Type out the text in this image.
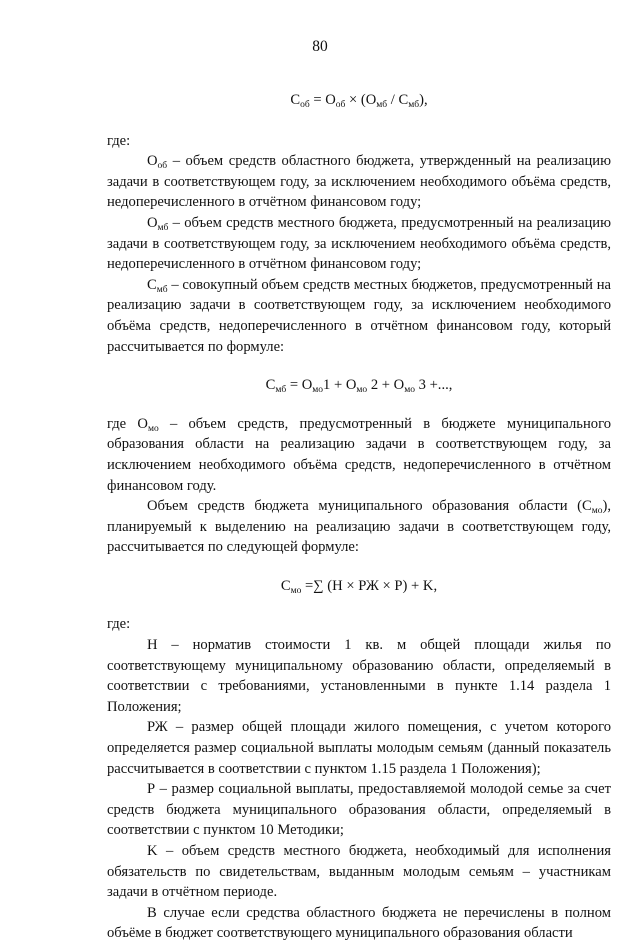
80

$С_{об} = О_{об} \times (О_{мб} / С_{мб})$,

где:

$О_{об}$ – объем средств областного бюджета, утвержденный на реализацию задачи в соответствующем году, за исключением необходимого объёма средств, недоперечисленного в отчётном финансовом году;

$О_{мб}$ – объем средств местного бюджета, предусмотренный на реализацию задачи в соответствующем году, за исключением необходимого объёма средств, недоперечисленного в отчётном финансовом году;

$С_{мб}$ – совокупный объем средств местных бюджетов, предусмотренный на реализацию задачи в соответствующем году, за исключением необходимого объёма средств, недоперечисленного в отчётном финансовом году, который рассчитывается по формуле:

$С_{мб} = О_{мо}1 + О_{мо}$ $2 + О_{мо}$ 3 +...,

где $О_{мо}$ – объем средств, предусмотренный в бюджете муниципального образования области на реализацию задачи в соответствующем году, за исключением необходимого объёма средств, недоперечисленного в отчётном финансовом году.

Объем средств бюджета муниципального образования области $(С_{мо})$, планируемый к выделению на реализацию задачи в соответствующем году, рассчитывается по следующей формуле:

$С_{мо}$ =∑ (Н × РЖ × Р) + K,

где:

Н – норматив стоимости 1 кв. м общей площади жилья по соответствующему муниципальному образованию области, определяемый в соответствии с требованиями, установленными в пункте 1.14 раздела 1 Положения;

РЖ – размер общей площади жилого помещения, с учетом которого определяется размер социальной выплаты молодым семьям (данный показатель рассчитывается в соответствии с пунктом 1.15 раздела 1 Положения);

Р – размер социальной выплаты, предоставляемой молодой семье за счет средств бюджета муниципального образования области, определяемый в соответствии с пунктом 10 Методики;

K – объем средств местного бюджета, необходимый для исполнения обязательств по свидетельствам, выданным молодым семьям – участникам задачи в отчётном периоде.

В случае если средства областного бюджета не перечислены в полном объёме в бюджет соответствующего муниципального образования области
